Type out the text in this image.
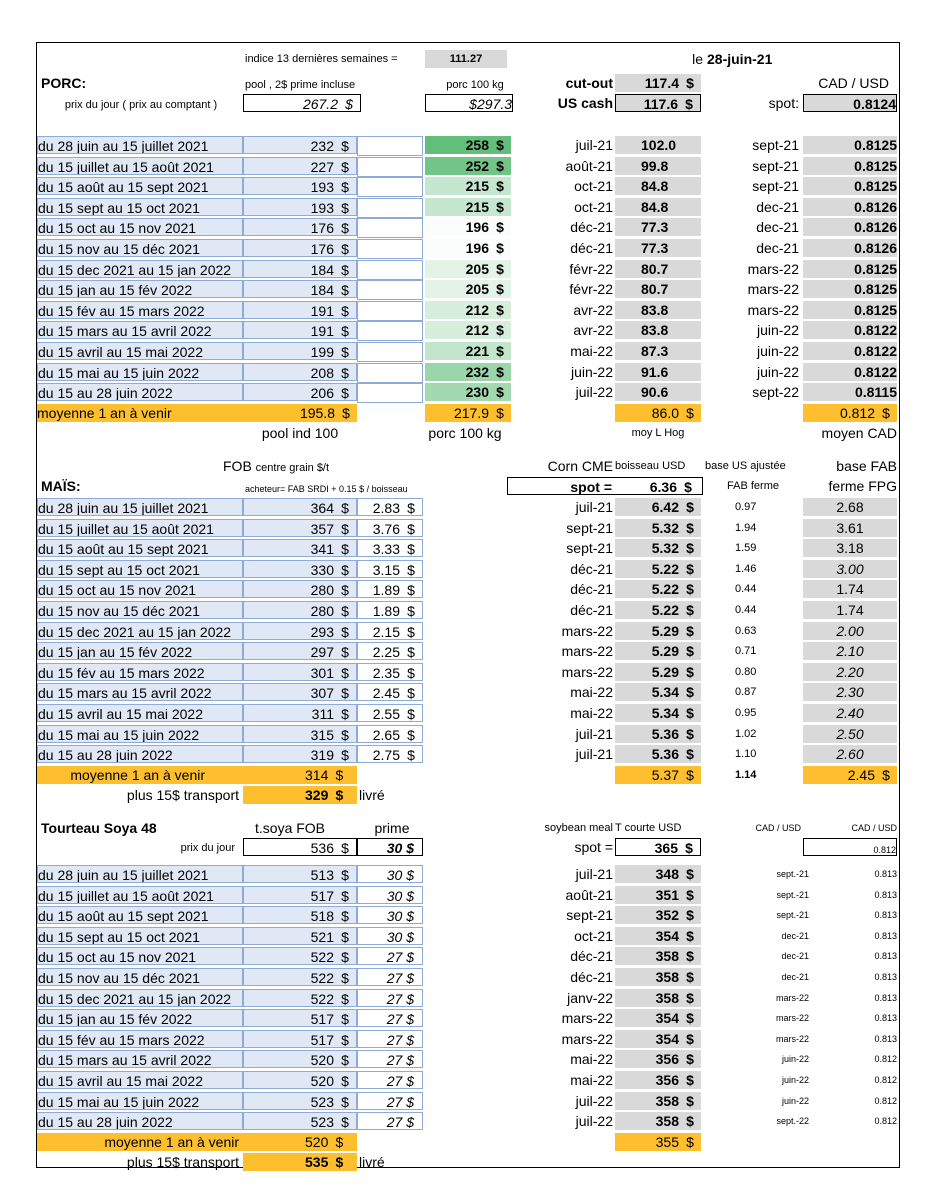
indice 13 dernières semaines =	111.27	le 28-juin-21
PORC:	pool , 2$ prime incluse	porc 100 kg	cut-out	117.4 $	CAD / USD
prix du jour ( prix au comptant )	267.2 $	$297.3	US cash	117.6 $	spot:	0.8124
du 28 juin au 15 juillet 2021	232 $	258 $	juil-21	102.0	sept-21	0.8125
du 15 juillet au 15 août 2021	227 $	252 $	août-21	99.8	sept-21	0.8125
du 15 août au 15 sept 2021	193 $	215 $	oct-21	84.8	sept-21	0.8125
du 15 sept au 15 oct 2021	193 $	215 $	oct-21	84.8	dec-21	0.8126
du 15 oct au 15 nov 2021	176 $	196 $	déc-21	77.3	dec-21	0.8126
du 15 nov au 15 déc 2021	176 $	196 $	déc-21	77.3	dec-21	0.8126
du 15 dec 2021 au 15 jan 2022	184 $	205 $	févr-22	80.7	mars-22	0.8125
du 15 jan au 15 fév 2022	184 $	205 $	févr-22	80.7	mars-22	0.8125
du 15 fév au 15 mars 2022	191 $	212 $	avr-22	83.8	mars-22	0.8125
du 15 mars au 15 avril 2022	191 $	212 $	avr-22	83.8	juin-22	0.8122
du 15 avril au 15 mai 2022	199 $	221 $	mai-22	87.3	juin-22	0.8122
du 15 mai au 15 juin 2022	208 $	232 $	juin-22	91.6	juin-22	0.8122
du 15 au 28 juin 2022	206 $	230 $	juil-22	90.6	sept-22	0.8115
moyenne 1 an à venir	195.8 $	217.9 $	86.0 $	0.812 $
pool ind 100	porc 100 kg	moy L Hog	moyen CAD
FOB centre grain $/t	Corn CME boisseau USD	base US ajustée	base FAB
MAÏS:	acheteur= FAB SRDI + 0.15 $ / boisseau	spot =	6.36 $	FAB ferme	ferme FPG
du 28 juin au 15 juillet 2021	364 $	2.83 $	juil-21	6.42 $	0.97	2.68
du 15 juillet au 15 août 2021	357 $	3.76 $	sept-21	5.32 $	1.94	3.61
du 15 août au 15 sept 2021	341 $	3.33 $	sept-21	5.32 $	1.59	3.18
du 15 sept au 15 oct 2021	330 $	3.15 $	déc-21	5.22 $	1.46	3.00
du 15 oct au 15 nov 2021	280 $	1.89 $	déc-21	5.22 $	0.44	1.74
du 15 nov au 15 déc 2021	280 $	1.89 $	déc-21	5.22 $	0.44	1.74
du 15 dec 2021 au 15 jan 2022	293 $	2.15 $	mars-22	5.29 $	0.63	2.00
du 15 jan au 15 fév 2022	297 $	2.25 $	mars-22	5.29 $	0.71	2.10
du 15 fév au 15 mars 2022	301 $	2.35 $	mars-22	5.29 $	0.80	2.20
du 15 mars au 15 avril 2022	307 $	2.45 $	mai-22	5.34 $	0.87	2.30
du 15 avril au 15 mai 2022	311 $	2.55 $	mai-22	5.34 $	0.95	2.40
du 15 mai au 15 juin 2022	315 $	2.65 $	juil-21	5.36 $	1.02	2.50
du 15 au 28 juin 2022	319 $	2.75 $	juil-21	5.36 $	1.10	2.60
moyenne 1 an à venir	314 $	5.37 $	1.14	2.45 $
plus 15$ transport	329 $	livré
Tourteau Soya 48	t.soya FOB	prime	soybean meal T courte USD	CAD / USD	CAD / USD
prix du jour	536 $	30 $	spot =	365 $	0.812
du 28 juin au 15 juillet 2021	513 $	30 $	juil-21	348 $	sept.-21	0.813
du 15 juillet au 15 août 2021	517 $	30 $	août-21	351 $	sept.-21	0.813
du 15 août au 15 sept 2021	518 $	30 $	sept-21	352 $	sept.-21	0.813
du 15 sept au 15 oct 2021	521 $	30 $	oct-21	354 $	dec-21	0.813
du 15 oct au 15 nov 2021	522 $	27 $	déc-21	358 $	dec-21	0.813
du 15 nov au 15 déc 2021	522 $	27 $	déc-21	358 $	dec-21	0.813
du 15 dec 2021 au 15 jan 2022	522 $	27 $	janv-22	358 $	mars-22	0.813
du 15 jan au 15 fév 2022	517 $	27 $	mars-22	354 $	mars-22	0.813
du 15 fév au 15 mars 2022	517 $	27 $	mars-22	354 $	mars-22	0.813
du 15 mars au 15 avril 2022	520 $	27 $	mai-22	356 $	juin-22	0.812
du 15 avril au 15 mai 2022	520 $	27 $	mai-22	356 $	juin-22	0.812
du 15 mai au 15 juin 2022	523 $	27 $	juil-22	358 $	juin-22	0.812
du 15 au 28 juin 2022	523 $	27 $	juil-22	358 $	sept.-22	0.812
moyenne 1 an à venir	520 $	355 $
plus 15$ transport	535 $	livré
